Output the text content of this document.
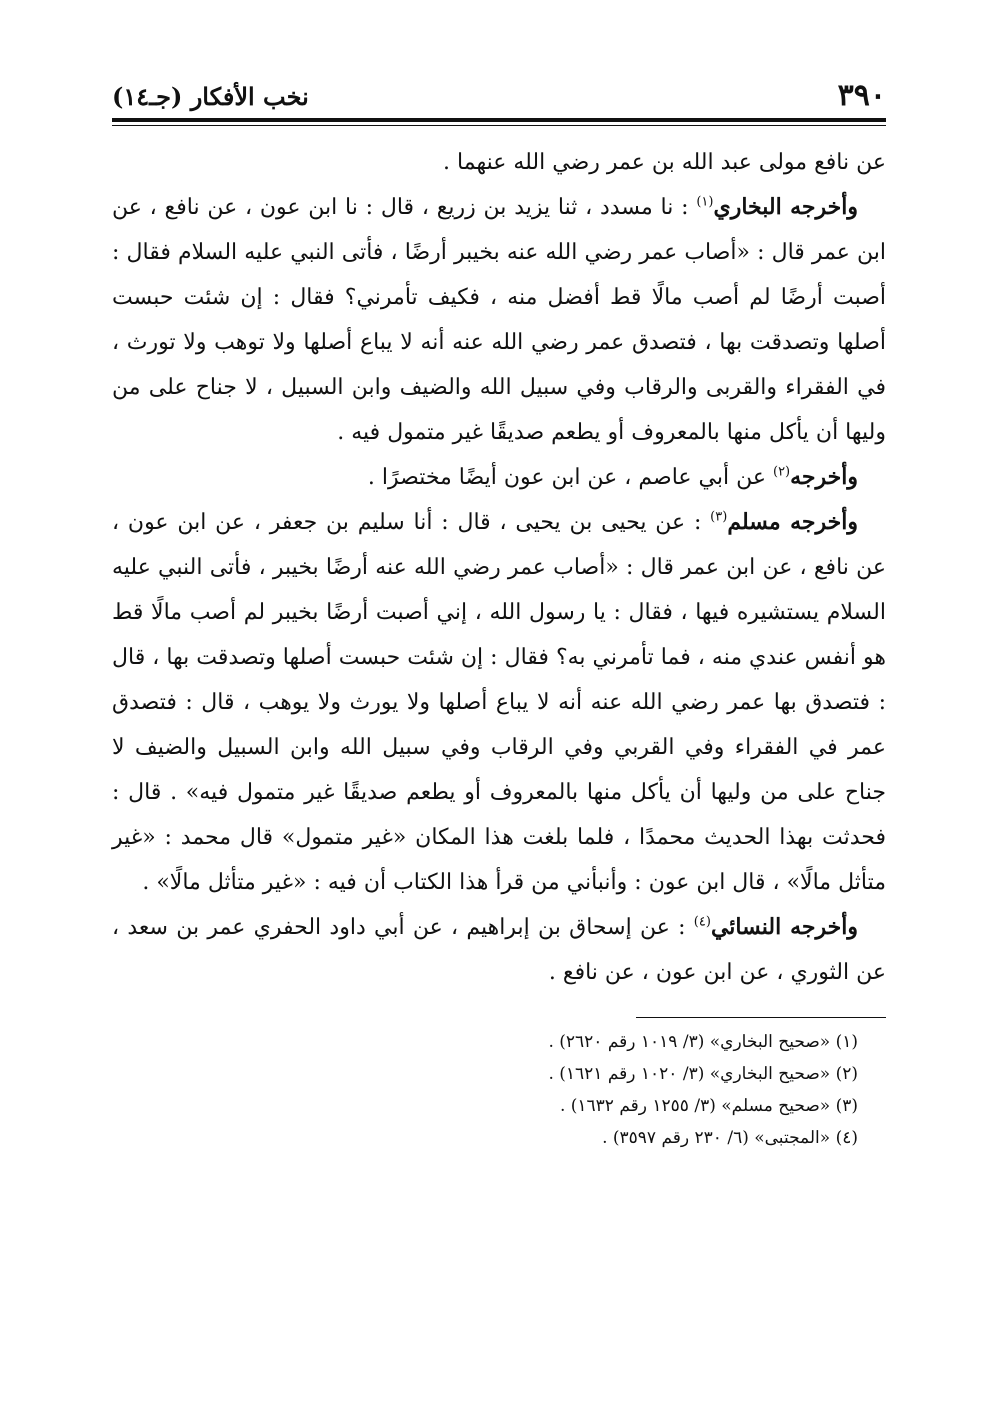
٣٩٠
نخب الأفكار (جـ١٤)

عن نافع مولى عبد الله بن عمر رضي الله عنهما .

وأخرجه البخاري$^{(١)}$ : نا مسدد ، ثنا يزيد بن زريع ، قال : نا ابن عون ، عن نافع ، عن ابن عمر قال : «أصاب عمر رضي الله عنه بخيبر أرضًا ، فأتى النبي عليه السلام فقال : أصبت أرضًا لم أصب مالًا قط أفضل منه ، فكيف تأمرني؟ فقال : إن شئت حبست أصلها وتصدقت بها ، فتصدق عمر رضي الله عنه أنه لا يباع أصلها ولا توهب ولا تورث ، في الفقراء والقربى والرقاب وفي سبيل الله والضيف وابن السبيل ، لا جناح على من وليها أن يأكل منها بالمعروف أو يطعم صديقًا غير متمول فيه .

وأخرجه$^{(٢)}$ عن أبي عاصم ، عن ابن عون أيضًا مختصرًا .

وأخرجه مسلم$^{(٣)}$ : عن يحيى بن يحيى ، قال : أنا سليم بن جعفر ، عن ابن عون ، عن نافع ، عن ابن عمر قال : «أصاب عمر رضي الله عنه أرضًا بخيبر ، فأتى النبي عليه السلام يستشيره فيها ، فقال : يا رسول الله ، إني أصبت أرضًا بخيبر لم أصب مالًا قط هو أنفس عندي منه ، فما تأمرني به؟ فقال : إن شئت حبست أصلها وتصدقت بها ، قال : فتصدق بها عمر رضي الله عنه أنه لا يباع أصلها ولا يورث ولا يوهب ، قال : فتصدق عمر في الفقراء وفي القربي وفي الرقاب وفي سبيل الله وابن السبيل والضيف لا جناح على من وليها أن يأكل منها بالمعروف أو يطعم صديقًا غير متمول فيه» . قال : فحدثت بهذا الحديث محمدًا ، فلما بلغت هذا المكان «غير متمول» قال محمد : «غير متأثل مالًا» ، قال ابن عون : وأنبأني من قرأ هذا الكتاب أن فيه : «غير متأثل مالًا» .

وأخرجه النسائي$^{(٤)}$ : عن إسحاق بن إبراهيم ، عن أبي داود الحفري عمر بن سعد ، عن الثوري ، عن ابن عون ، عن نافع .

(١) «صحيح البخاري» (٣/ ١٠١٩ رقم ٢٦٢٠) .
(٢) «صحيح البخاري» (٣/ ١٠٢٠ رقم ١٦٢١) .
(٣) «صحيح مسلم» (٣/ ١٢٥٥ رقم ١٦٣٢) .
(٤) «المجتبى» (٦/ ٢٣٠ رقم ٣٥٩٧) .
